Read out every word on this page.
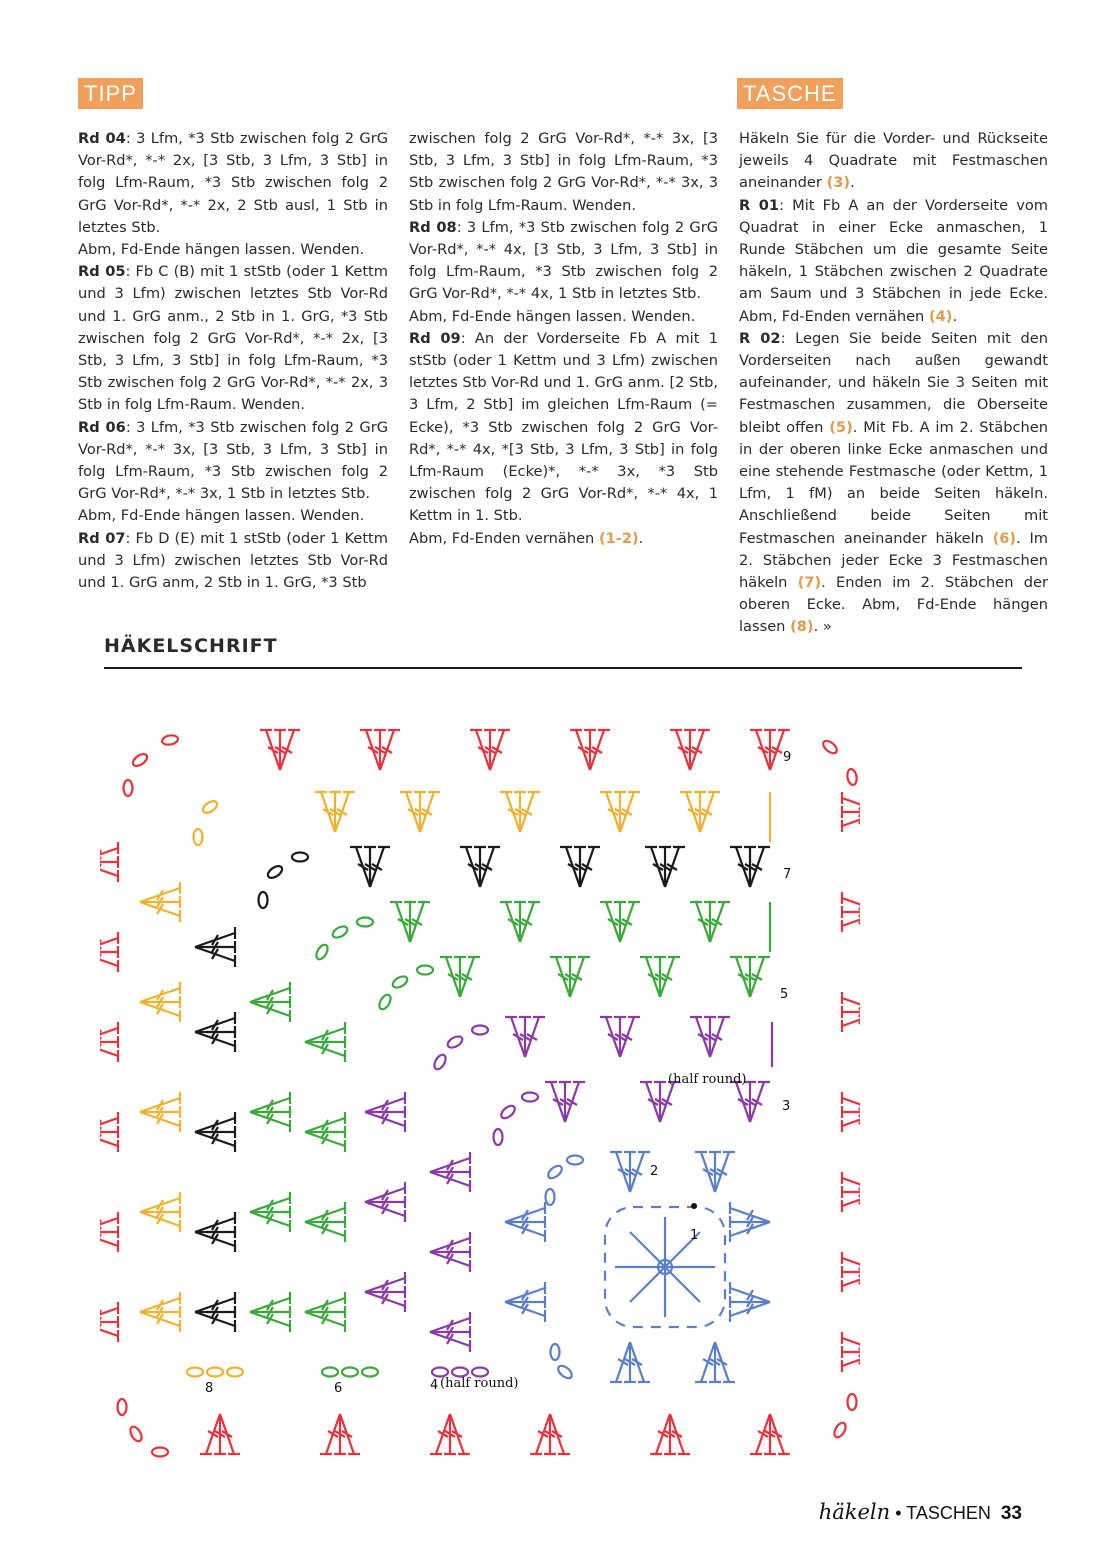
TIPP	TASCHE

Rd 04: 3 Lfm, *3 Stb zwischen folg 2 GrG Vor-Rd*, *-* 2x, [3 Stb, 3 Lfm, 3 Stb] in folg Lfm-Raum, *3 Stb zwischen folg 2 GrG Vor-Rd*, *-* 2x, 2 Stb ausl, 1 Stb in letztes Stb.

Abm, Fd-Ende hängen lassen. Wenden.

Rd 05: Fb C (B) mit 1 stStb (oder 1 Kettm und 3 Lfm) zwischen letztes Stb Vor-Rd und 1. GrG anm., 2 Stb in 1. GrG, *3 Stb zwischen folg 2 GrG Vor-Rd*, *-* 2x, [3 Stb, 3 Lfm, 3 Stb] in folg Lfm-Raum, *3 Stb zwischen folg 2 GrG Vor-Rd*, *-* 2x, 3 Stb in folg Lfm-Raum. Wenden.

Rd 06: 3 Lfm, *3 Stb zwischen folg 2 GrG Vor-Rd*, *-* 3x, [3 Stb, 3 Lfm, 3 Stb] in folg Lfm-Raum, *3 Stb zwischen folg 2 GrG Vor-Rd*, *-* 3x, 1 Stb in letztes Stb.

Abm, Fd-Ende hängen lassen. Wenden.

Rd 07: Fb D (E) mit 1 stStb (oder 1 Kettm und 3 Lfm) zwischen letztes Stb Vor-Rd und 1. GrG anm, 2 Stb in 1. GrG, *3 Stb

zwischen folg 2 GrG Vor-Rd*, *-* 3x, [3 Stb, 3 Lfm, 3 Stb] in folg Lfm-Raum, *3 Stb zwischen folg 2 GrG Vor-Rd*, *-* 3x, 3 Stb in folg Lfm-Raum. Wenden.

Rd 08: 3 Lfm, *3 Stb zwischen folg 2 GrG Vor-Rd*, *-* 4x, [3 Stb, 3 Lfm, 3 Stb] in folg Lfm-Raum, *3 Stb zwischen folg 2 GrG Vor-Rd*, *-* 4x, 1 Stb in letztes Stb.

Abm, Fd-Ende hängen lassen. Wenden.

Rd 09: An der Vorderseite Fb A mit 1 stStb (oder 1 Kettm und 3 Lfm) zwischen letztes Stb Vor-Rd und 1. GrG anm. [2 Stb, 3 Lfm, 2 Stb] im gleichen Lfm-Raum (= Ecke), *3 Stb zwischen folg 2 GrG Vor-Rd*, *-* 4x, *[3 Stb, 3 Lfm, 3 Stb] in folg Lfm-Raum (Ecke)*, *-* 3x, *3 Stb zwischen folg 2 GrG Vor-Rd*, *-* 4x, 1 Kettm in 1. Stb.

Abm, Fd-Enden vernähen (1-2).

Häkeln Sie für die Vorder- und Rückseite jeweils 4 Quadrate mit Festmaschen aneinander (3).

R 01: Mit Fb A an der Vorderseite vom Quadrat in einer Ecke anmaschen, 1 Runde Stäbchen um die gesamte Seite häkeln, 1 Stäbchen zwischen 2 Quadrate am Saum und 3 Stäbchen in jede Ecke. Abm, Fd-Enden vernähen (4).

R 02: Legen Sie beide Seiten mit den Vorderseiten nach außen gewandt aufeinander, und häkeln Sie 3 Seiten mit Festmaschen zusammen, die Oberseite bleibt offen (5). Mit Fb. A im 2. Stäbchen in der oberen linke Ecke anmaschen und eine stehende Festmasche (oder Kettm, 1 Lfm, 1 fM) an beide Seiten häkeln. Anschließend beide Seiten mit Festmaschen aneinander häkeln (6). Im 2. Stäbchen jeder Ecke 3 Festmaschen häkeln (7). Enden im 2. Stäbchen der oberen Ecke. Abm, Fd-Ende hängen lassen (8). »

HÄKELSCHRIFT
9
7
5
3
2
1
8	6	4 (half round)
(half round)
häkeln • TASCHEN 33
